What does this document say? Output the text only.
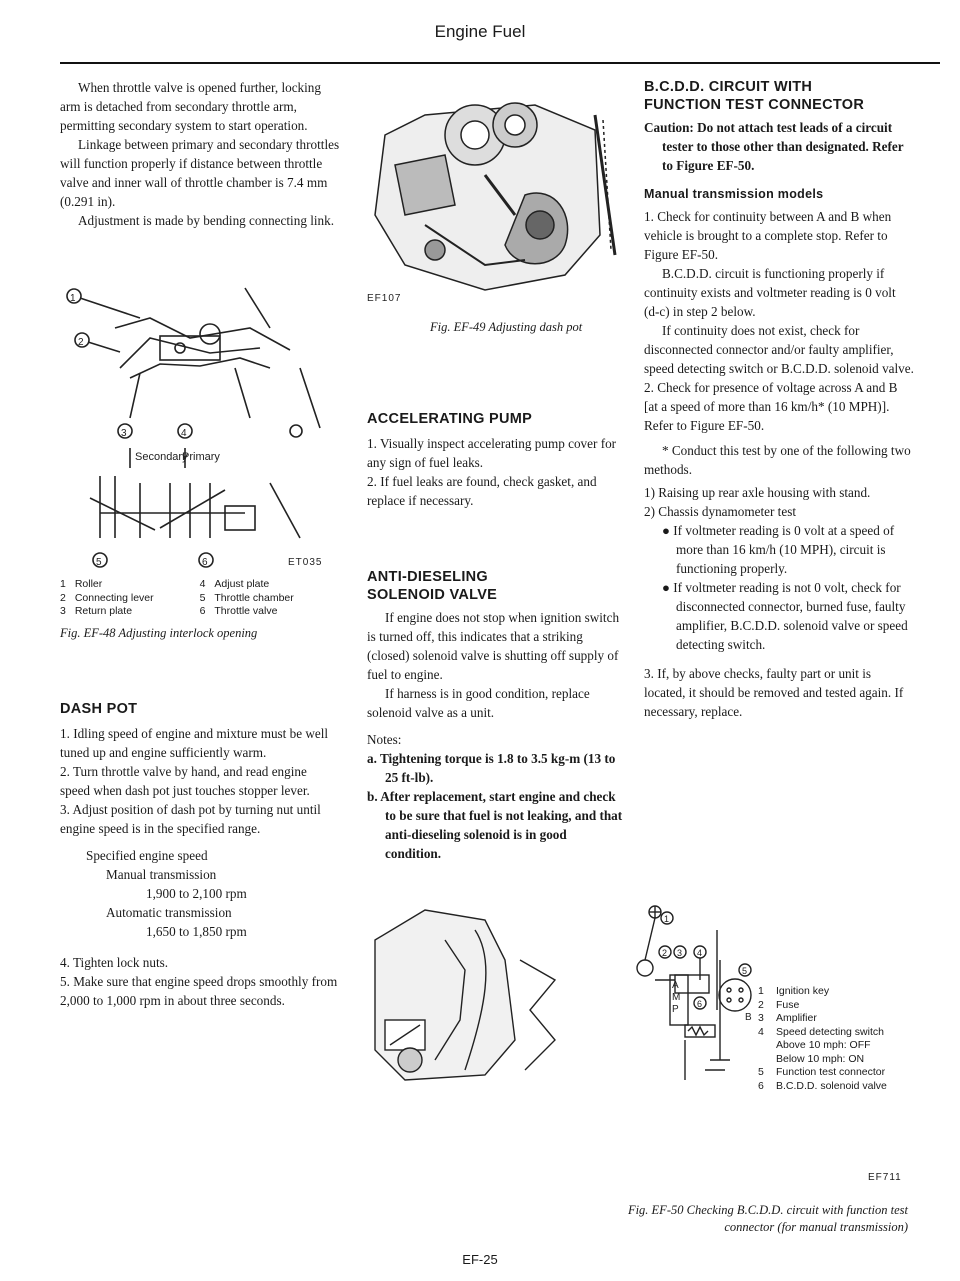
Engine Fuel

When throttle valve is opened further, locking arm is detached from secondary throttle arm, permitting secondary system to start operation.

Linkage between primary and secondary throttles will function properly if distance between throttle valve and inner wall of throttle chamber is 7.4 mm (0.291 in).

Adjustment is made by bending connecting link.

1
2
3	4
5	6
Secondary
Primary
ET035
1	Roller	4	Adjust plate
2	Connecting lever	5	Throttle chamber
3	Return plate	6	Throttle valve
Fig. EF-48 Adjusting interlock opening

DASH POT

1. Idling speed of engine and mixture must be well tuned up and engine sufficiently warm.

2. Turn throttle valve by hand, and read engine speed when dash pot just touches stopper lever.

3. Adjust position of dash pot by turning nut until engine speed is in the specified range.

Specified engine speed

Manual transmission

1,900 to 2,100 rpm

Automatic transmission

1,650 to 1,850 rpm

4. Tighten lock nuts.

5. Make sure that engine speed drops smoothly from 2,000 to 1,000 rpm in about three seconds.

EF107
Fig. EF-49 Adjusting dash pot

ACCELERATING PUMP

1. Visually inspect accelerating pump cover for any sign of fuel leaks.

2. If fuel leaks are found, check gasket, and replace if necessary.

ANTI-DIESELING

SOLENOID VALVE

If engine does not stop when ignition switch is turned off, this indicates that a striking (closed) solenoid valve is shutting off supply of fuel to engine.

If harness is in good condition, replace solenoid valve as a unit.

Notes:

a. Tightening torque is 1.8 to 3.5 kg-m (13 to 25 ft-lb).

b. After replacement, start engine and check to be sure that fuel is not leaking, and that anti-dieseling solenoid is in good condition.

B.C.D.D. CIRCUIT WITH

FUNCTION TEST CONNECTOR

Caution: Do not attach test leads of a circuit tester to those other than designated. Refer to Figure EF-50.

Manual transmission models

1. Check for continuity between A and B when vehicle is brought to a complete stop. Refer to Figure EF-50.

B.C.D.D. circuit is functioning properly if continuity exists and voltmeter reading is 0 volt (d-c) in step 2 below.

If continuity does not exist, check for disconnected connector and/or faulty amplifier, speed detecting switch or B.C.D.D. solenoid valve.

2. Check for presence of voltage across A and B [at a speed of more than 16 km/h* (10 MPH)]. Refer to Figure EF-50.

* Conduct this test by one of the following two methods.

1) Raising up rear axle housing with stand.

2) Chassis dynamometer test

● If voltmeter reading is 0 volt at a speed of more than 16 km/h (10 MPH), circuit is functioning properly.

● If voltmeter reading is not 0 volt, check for disconnected connector, burned fuse, faulty amplifier, B.C.D.D. solenoid valve or speed detecting switch.

3. If, by above checks, faulty part or unit is located, it should be removed and tested again. If necessary, replace.

1
2 3 4
6
5
A
M
P
B
1	Ignition key
2	Fuse
3	Amplifier
4	Speed detecting switch
	Above 10 mph: OFF
	Below 10 mph: ON
5	Function test connector
6	B.C.D.D. solenoid valve
EF711
Fig. EF-50 Checking B.C.D.D. circuit with function test
connector (for manual transmission)
EF-25
